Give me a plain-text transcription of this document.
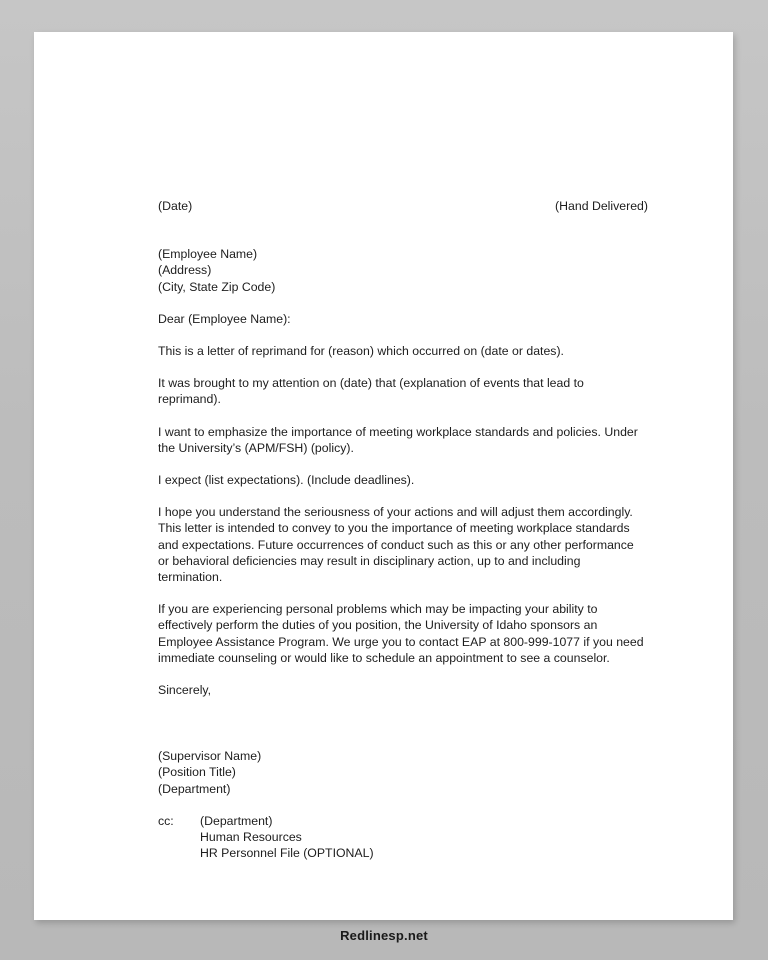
(Date)	(Hand Delivered)
(Employee Name)
(Address)
(City, State Zip Code)

Dear (Employee Name):

This is a letter of reprimand for (reason) which occurred on (date or dates).

It was brought to my attention on (date) that (explanation of events that lead to reprimand).

I want to emphasize the importance of meeting workplace standards and policies. Under the University’s (APM/FSH) (policy).

I expect (list expectations). (Include deadlines).

I hope you understand the seriousness of your actions and will adjust them accordingly. This letter is intended to convey to you the importance of meeting workplace standards and expectations. Future occurrences of conduct such as this or any other performance or behavioral deficiencies may result in disciplinary action, up to and including termination.

If you are experiencing personal problems which may be impacting your ability to effectively perform the duties of you position, the University of Idaho sponsors an Employee Assistance Program. We urge you to contact EAP at 800-999-1077 if you need immediate counseling or would like to schedule an appointment to see a counselor.

Sincerely,
(Supervisor Name)
(Position Title)
(Department)
cc:	(Department)
Human Resources
HR Personnel File (OPTIONAL)
Redlinesp.net
